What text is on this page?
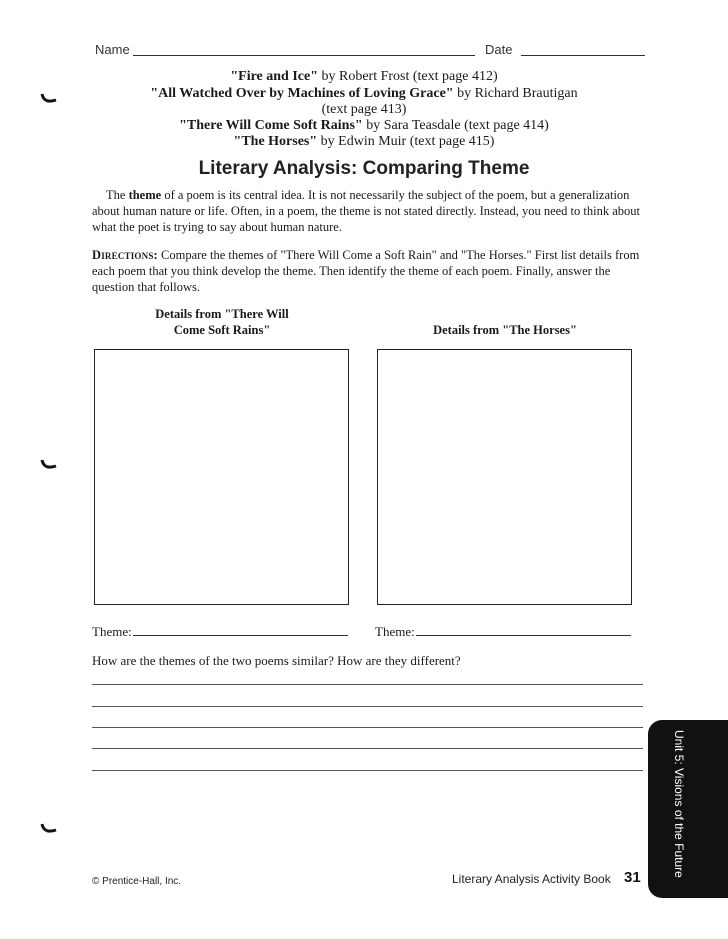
Name	Date
"Fire and Ice" by Robert Frost (text page 412)
"All Watched Over by Machines of Loving Grace" by Richard Brautigan
(text page 413)
"There Will Come Soft Rains" by Sara Teasdale (text page 414)
"The Horses" by Edwin Muir (text page 415)
Literary Analysis: Comparing Theme
The theme of a poem is its central idea. It is not necessarily the subject of the poem, but a generalization about human nature or life. Often, in a poem, the theme is not stated directly. Instead, you need to think about what the poet is trying to say about human nature.
Directions: Compare the themes of "There Will Come a Soft Rain" and "The Horses." First list details from each poem that you think develop the theme. Then identify the theme of each poem. Finally, answer the question that follows.
Details from "There Will
Come Soft Rains"	Details from "The Horses"
Theme:	Theme:
How are the themes of the two poems similar? How are they different?
Unit 5: Visions of the Future
© Prentice-Hall, Inc.	Literary Analysis Activity Book 31
